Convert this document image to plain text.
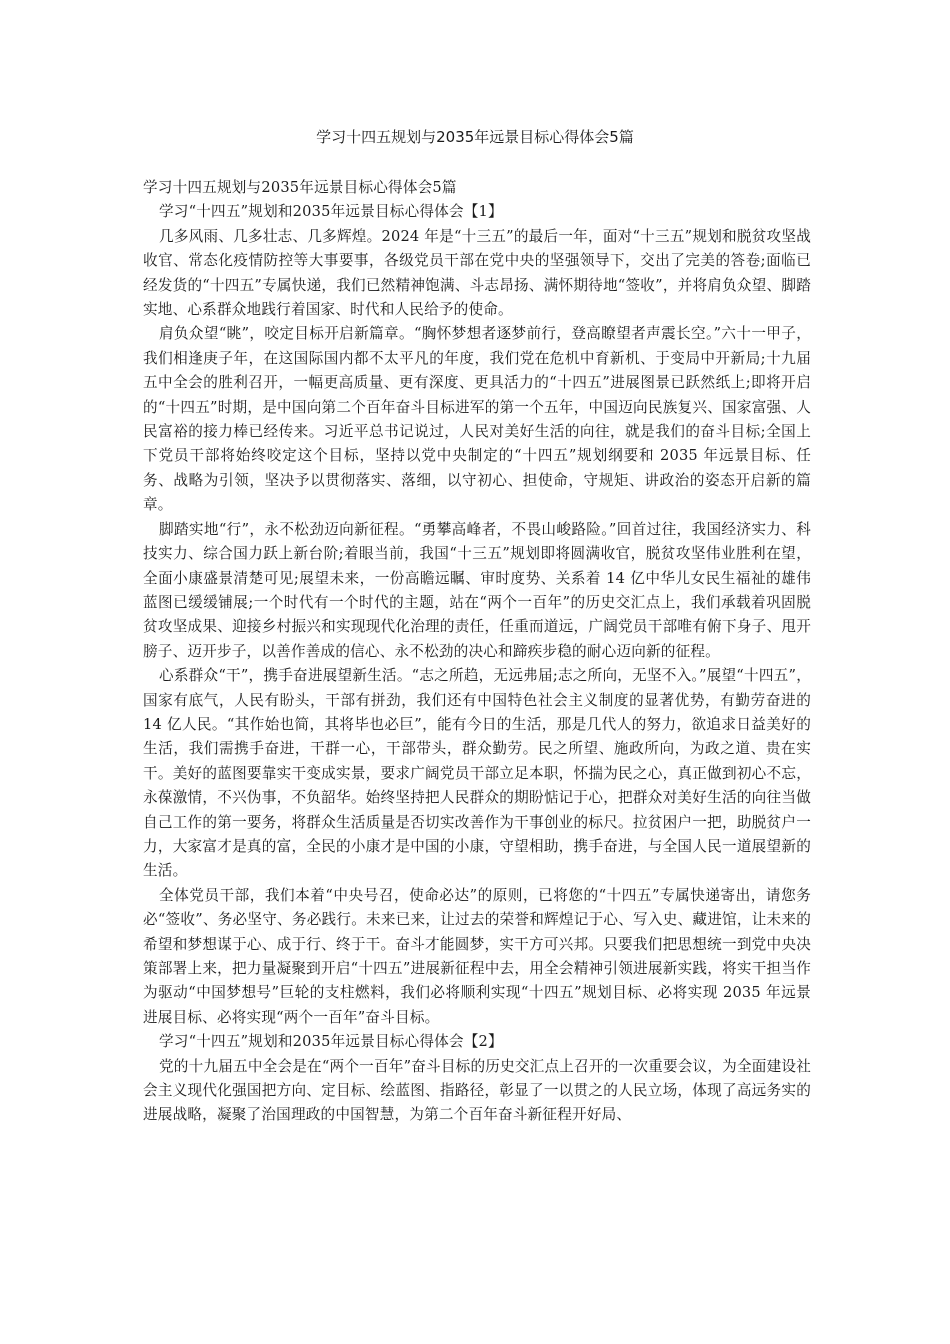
学习十四五规划与2035年远景目标心得体会5篇

学习十四五规划与2035年远景目标心得体会5篇

学习“十四五”规划和2035年远景目标心得体会【1】

几多风雨、几多壮志、几多辉煌。2024 年是“十三五”的最后一年，面对“十三五”规划和脱贫攻坚战收官、常态化疫情防控等大事要事，各级党员干部在党中央的坚强领导下，交出了完美的答卷;面临已经发货的“十四五”专属快递，我们已然精神饱满、斗志昂扬、满怀期待地“签收”，并将肩负众望、脚踏实地、心系群众地践行着国家、时代和人民给予的使命。

肩负众望“眺”，咬定目标开启新篇章。“胸怀梦想者逐梦前行，登高瞭望者声震长空。”六十一甲子，我们相逢庚子年，在这国际国内都不太平凡的年度，我们党在危机中育新机、于变局中开新局;十九届五中全会的胜利召开，一幅更高质量、更有深度、更具活力的“十四五”进展图景已跃然纸上;即将开启的“十四五”时期，是中国向第二个百年奋斗目标进军的第一个五年，中国迈向民族复兴、国家富强、人民富裕的接力棒已经传来。习近平总书记说过，人民对美好生活的向往，就是我们的奋斗目标;全国上下党员干部将始终咬定这个目标，坚持以党中央制定的“十四五”规划纲要和 2035 年远景目标、任务、战略为引领，坚决予以贯彻落实、落细，以守初心、担使命，守规矩、讲政治的姿态开启新的篇章。

脚踏实地“行”，永不松劲迈向新征程。“勇攀高峰者，不畏山峻路险。”回首过往，我国经济实力、科技实力、综合国力跃上新台阶;着眼当前，我国“十三五”规划即将圆满收官，脱贫攻坚伟业胜利在望，全面小康盛景清楚可见;展望未来，一份高瞻远瞩、审时度势、关系着 14 亿中华儿女民生福祉的雄伟蓝图已缓缓铺展;一个时代有一个时代的主题，站在“两个一百年”的历史交汇点上，我们承载着巩固脱贫攻坚成果、迎接乡村振兴和实现现代化治理的责任，任重而道远，广阔党员干部唯有俯下身子、甩开膀子、迈开步子，以善作善成的信心、永不松劲的决心和蹄疾步稳的耐心迈向新的征程。

心系群众“干”，携手奋进展望新生活。“志之所趋，无远弗届;志之所向，无坚不入。”展望“十四五”，国家有底气，人民有盼头，干部有拼劲，我们还有中国特色社会主义制度的显著优势，有勤劳奋进的 14 亿人民。“其作始也简，其将毕也必巨”，能有今日的生活，那是几代人的努力，欲追求日益美好的生活，我们需携手奋进，干群一心，干部带头，群众勤劳。民之所望、施政所向，为政之道、贵在实干。美好的蓝图要靠实干变成实景，要求广阔党员干部立足本职，怀揣为民之心，真正做到初心不忘，永葆激情，不兴伪事，不负韶华。始终坚持把人民群众的期盼惦记于心，把群众对美好生活的向往当做自己工作的第一要务，将群众生活质量是否切实改善作为干事创业的标尺。拉贫困户一把，助脱贫户一力，大家富才是真的富，全民的小康才是中国的小康，守望相助，携手奋进，与全国人民一道展望新的生活。

全体党员干部，我们本着“中央号召，使命必达”的原则，已将您的“十四五”专属快递寄出，请您务必“签收”、务必坚守、务必践行。未来已来，让过去的荣誉和辉煌记于心、写入史、藏进馆，让未来的希望和梦想谋于心、成于行、终于干。奋斗才能圆梦，实干方可兴邦。只要我们把思想统一到党中央决策部署上来，把力量凝聚到开启“十四五”进展新征程中去，用全会精神引领进展新实践，将实干担当作为驱动“中国梦想号”巨轮的支柱燃料，我们必将顺利实现“十四五”规划目标、必将实现 2035 年远景进展目标、必将实现“两个一百年”奋斗目标。

学习“十四五”规划和2035年远景目标心得体会【2】

党的十九届五中全会是在“两个一百年”奋斗目标的历史交汇点上召开的一次重要会议，为全面建设社会主义现代化强国把方向、定目标、绘蓝图、指路径，彰显了一以贯之的人民立场，体现了高远务实的进展战略，凝聚了治国理政的中国智慧，为第二个百年奋斗新征程开好局、
